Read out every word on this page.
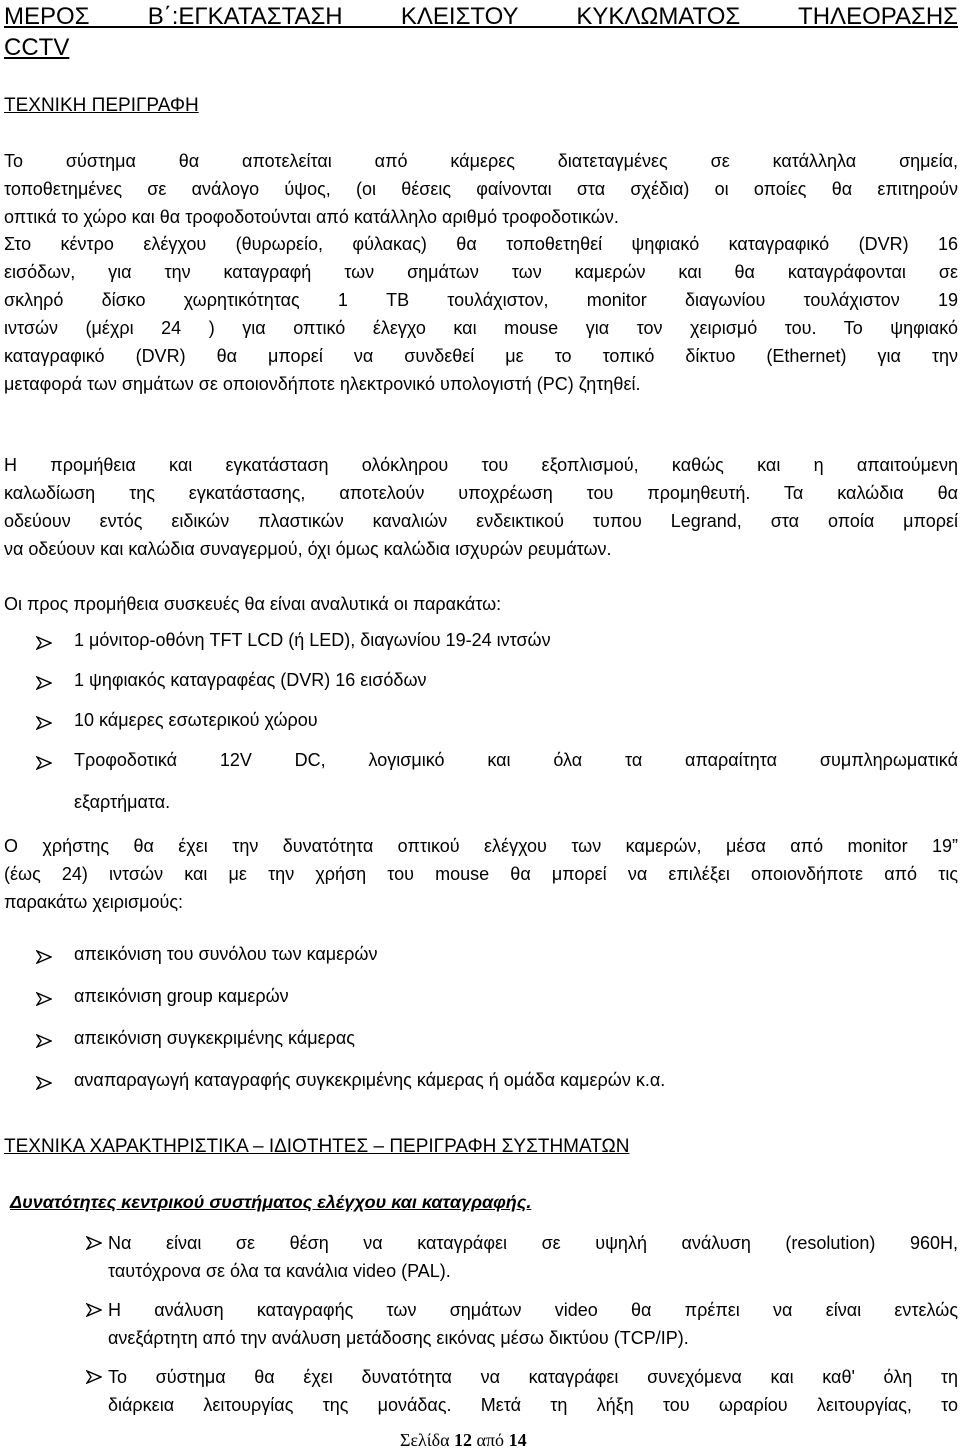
ΜΕΡΟΣ Β΄:ΕΓΚΑΤΑΣΤΑΣΗ ΚΛΕΙΣΤΟΥ ΚΥΚΛΩΜΑΤΟΣ ΤΗΛΕΟΡΑΣΗΣ
CCTV
ΤΕΧΝΙΚΗ ΠΕΡΙΓΡΑΦΗ
Το σύστημα θα αποτελείται από κάμερες διατεταγμένες σε κατάλληλα σημεία,
τοποθετημένες σε ανάλογο ύψος, (οι θέσεις φαίνονται στα σχέδια) οι οποίες θα επιτηρούν
οπτικά το χώρο και θα τροφοδοτούνται από κατάλληλο αριθμό τροφοδοτικών.
Στο κέντρο ελέγχου (θυρωρείο, φύλακας) θα τοποθετηθεί ψηφιακό καταγραφικό (DVR) 16
εισόδων, για την καταγραφή των σημάτων των καμερών και θα καταγράφονται σε
σκληρό δίσκο χωρητικότητας 1 TB τουλάχιστον, monitor διαγωνίου τουλάχιστον 19
ιντσών (μέχρι 24 ) για οπτικό έλεγχο και mouse για τον χειρισμό του. Το ψηφιακό
καταγραφικό (DVR) θα μπορεί να συνδεθεί με το τοπικό δίκτυο (Ethernet) για την
μεταφορά των σημάτων σε οποιονδήποτε ηλεκτρονικό υπολογιστή (PC) ζητηθεί.
Η προμήθεια και εγκατάσταση ολόκληρου του εξοπλισμού, καθώς και η απαιτούμενη
καλωδίωση της εγκατάστασης, αποτελούν υποχρέωση του προμηθευτή. Τα καλώδια θα
οδεύουν εντός ειδικών πλαστικών καναλιών ενδεικτικού τυπου Legrand, στα οποία μπορεί
να οδεύουν και καλώδια συναγερμού, όχι όμως καλώδια ισχυρών ρευμάτων.
Οι προς προμήθεια συσκευές θα είναι αναλυτικά οι παρακάτω:
1 μόνιτορ-οθόνη TFT LCD (ή LED), διαγωνίου 19-24 ιντσών
1 ψηφιακός καταγραφέας (DVR) 16 εισόδων
10 κάμερες εσωτερικού χώρου
Τροφοδοτικά 12V DC, λογισμικό και όλα τα απαραίτητα συμπληρωματικά
εξαρτήματα.
Ο χρήστης θα έχει την δυνατότητα οπτικού ελέγχου των καμερών, μέσα από monitor 19”
(έως 24) ιντσών και με την χρήση του mouse θα μπορεί να επιλέξει οποιονδήποτε από τις
παρακάτω χειρισμούς:
απεικόνιση του συνόλου των καμερών
απεικόνιση group καμερών
απεικόνιση συγκεκριμένης κάμερας
αναπαραγωγή καταγραφής συγκεκριμένης κάμερας ή ομάδα καμερών κ.α.
ΤΕΧΝΙΚΑ ΧΑΡΑΚΤΗΡΙΣΤΙΚΑ – ΙΔΙΟΤΗΤΕΣ – ΠΕΡΙΓΡΑΦΗ ΣΥΣΤΗΜΑΤΩΝ
Δυνατότητες κεντρικού συστήματος ελέγχου και καταγραφής.
Να είναι σε θέση να καταγράφει σε υψηλή ανάλυση (resolution) 960H,
ταυτόχρονα σε όλα τα κανάλια video (PAL).
Η ανάλυση καταγραφής των σημάτων video θα πρέπει να είναι εντελώς
ανεξάρτητη από την ανάλυση μετάδοσης εικόνας μέσω δικτύου (TCP/IP).
Το σύστημα θα έχει δυνατότητα να καταγράφει συνεχόμενα και καθ' όλη τη
διάρκεια λειτουργίας της μονάδας. Μετά τη λήξη του ωραρίου λειτουργίας, το
Σελίδα 12 από 14
